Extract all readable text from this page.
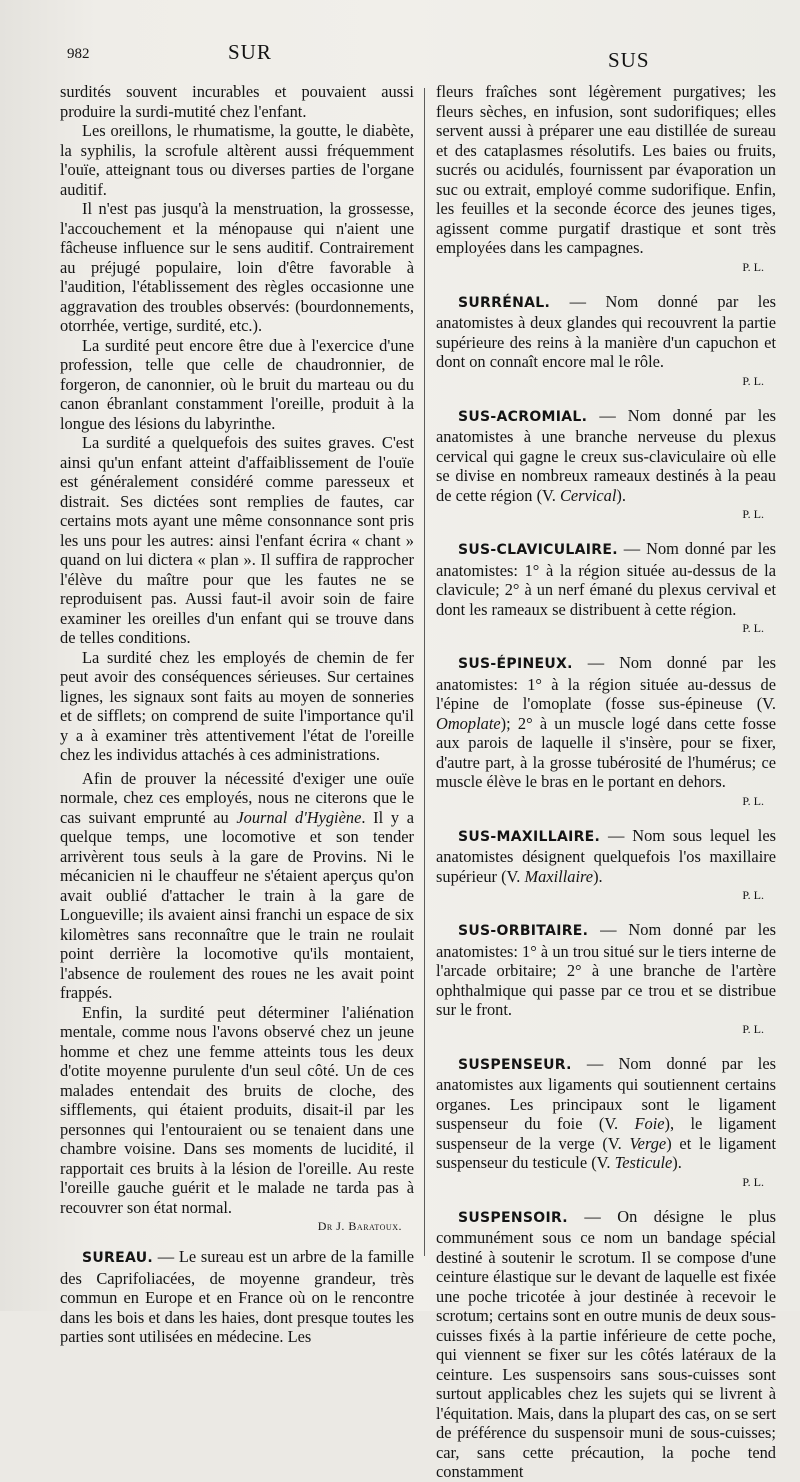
982	SUR	SUS

surdités souvent incurables et pouvaient aussi produire la surdi-mutité chez l'enfant.

Les oreillons, le rhumatisme, la goutte, le diabète, la syphilis, la scrofule altèrent aussi fréquemment l'ouïe, atteignant tous ou diverses parties de l'organe auditif.

Il n'est pas jusqu'à la menstruation, la grossesse, l'accouchement et la ménopause qui n'aient une fâcheuse influence sur le sens auditif. Contrairement au préjugé populaire, loin d'être favorable à l'audition, l'établissement des règles occasionne une aggravation des troubles observés: (bourdonnements, otorrhée, vertige, surdité, etc.).

La surdité peut encore être due à l'exercice d'une profession, telle que celle de chaudronnier, de forgeron, de canonnier, où le bruit du marteau ou du canon ébranlant constamment l'oreille, produit à la longue des lésions du labyrinthe.

La surdité a quelquefois des suites graves. C'est ainsi qu'un enfant atteint d'affaiblissement de l'ouïe est généralement considéré comme paresseux et distrait. Ses dictées sont remplies de fautes, car certains mots ayant une même consonnance sont pris les uns pour les autres: ainsi l'enfant écrira « chant » quand on lui dictera « plan ». Il suffira de rapprocher l'élève du maître pour que les fautes ne se reproduisent pas. Aussi faut-il avoir soin de faire examiner les oreilles d'un enfant qui se trouve dans de telles conditions.

La surdité chez les employés de chemin de fer peut avoir des conséquences sérieuses. Sur certaines lignes, les signaux sont faits au moyen de sonneries et de sifflets; on comprend de suite l'importance qu'il y a à examiner très attentivement l'état de l'oreille chez les individus attachés à ces administrations.

Afin de prouver la nécessité d'exiger une ouïe normale, chez ces employés, nous ne citerons que le cas suivant emprunté au Journal d'Hygiène. Il y a quelque temps, une locomotive et son tender arrivèrent tous seuls à la gare de Provins. Ni le mécanicien ni le chauffeur ne s'étaient aperçus qu'on avait oublié d'attacher le train à la gare de Longueville; ils avaient ainsi franchi un espace de six kilomètres sans reconnaître que le train ne roulait point derrière la locomotive qu'ils montaient, l'absence de roulement des roues ne les avait point frappés.

Enfin, la surdité peut déterminer l'aliénation mentale, comme nous l'avons observé chez un jeune homme et chez une femme atteints tous les deux d'otite moyenne purulente d'un seul côté. Un de ces malades entendait des bruits de cloche, des sifflements, qui étaient produits, disait-il par les personnes qui l'entouraient ou se tenaient dans une chambre voisine. Dans ses moments de lucidité, il rapportait ces bruits à la lésion de l'oreille. Au reste l'oreille gauche guérit et le malade ne tarda pas à recouvrer son état normal.

Dr J. Baratoux.

SUREAU. — Le sureau est un arbre de la famille des Caprifoliacées, de moyenne grandeur, très commun en Europe et en France où on le rencontre dans les bois et dans les haies, dont presque toutes les parties sont utilisées en médecine. Les

fleurs fraîches sont légèrement purgatives; les fleurs sèches, en infusion, sont sudorifiques; elles servent aussi à préparer une eau distillée de sureau et des cataplasmes résolutifs. Les baies ou fruits, sucrés ou acidulés, fournissent par évaporation un suc ou extrait, employé comme sudorifique. Enfin, les feuilles et la seconde écorce des jeunes tiges, agissent comme purgatif drastique et sont très employées dans les campagnes.

P. L.

SURRÉNAL. — Nom donné par les anatomistes à deux glandes qui recouvrent la partie supérieure des reins à la manière d'un capuchon et dont on connaît encore mal le rôle.

P. L.

SUS-ACROMIAL. — Nom donné par les anatomistes à une branche nerveuse du plexus cervical qui gagne le creux sus-claviculaire où elle se divise en nombreux rameaux destinés à la peau de cette région (V. Cervical).

P. L.

SUS-CLAVICULAIRE. — Nom donné par les anatomistes: 1° à la région située au-dessus de la clavicule; 2° à un nerf émané du plexus cervival et dont les rameaux se distribuent à cette région.

P. L.

SUS-ÉPINEUX. — Nom donné par les anatomistes: 1° à la région située au-dessus de l'épine de l'omoplate (fosse sus-épineuse (V. Omoplate); 2° à un muscle logé dans cette fosse aux parois de laquelle il s'insère, pour se fixer, d'autre part, à la grosse tubérosité de l'humérus; ce muscle élève le bras en le portant en dehors.

P. L.

SUS-MAXILLAIRE. — Nom sous lequel les anatomistes désignent quelquefois l'os maxillaire supérieur (V. Maxillaire).

P. L.

SUS-ORBITAIRE. — Nom donné par les anatomistes: 1° à un trou situé sur le tiers interne de l'arcade orbitaire; 2° à une branche de l'artère ophthalmique qui passe par ce trou et se distribue sur le front.

P. L.

SUSPENSEUR. — Nom donné par les anatomistes aux ligaments qui soutiennent certains organes. Les principaux sont le ligament suspenseur du foie (V. Foie), le ligament suspenseur de la verge (V. Verge) et le ligament suspenseur du testicule (V. Testicule).

P. L.

SUSPENSOIR. — On désigne le plus communément sous ce nom un bandage spécial destiné à soutenir le scrotum. Il se compose d'une ceinture élastique sur le devant de laquelle est fixée une poche tricotée à jour destinée à recevoir le scrotum; certains sont en outre munis de deux sous-cuisses fixés à la partie inférieure de cette poche, qui viennent se fixer sur les côtés latéraux de la ceinture. Les suspensoirs sans sous-cuisses sont surtout applicables chez les sujets qui se livrent à l'équitation. Mais, dans la plupart des cas, on se sert de préférence du suspensoir muni de sous-cuisses; car, sans cette précaution, la poche tend constamment
